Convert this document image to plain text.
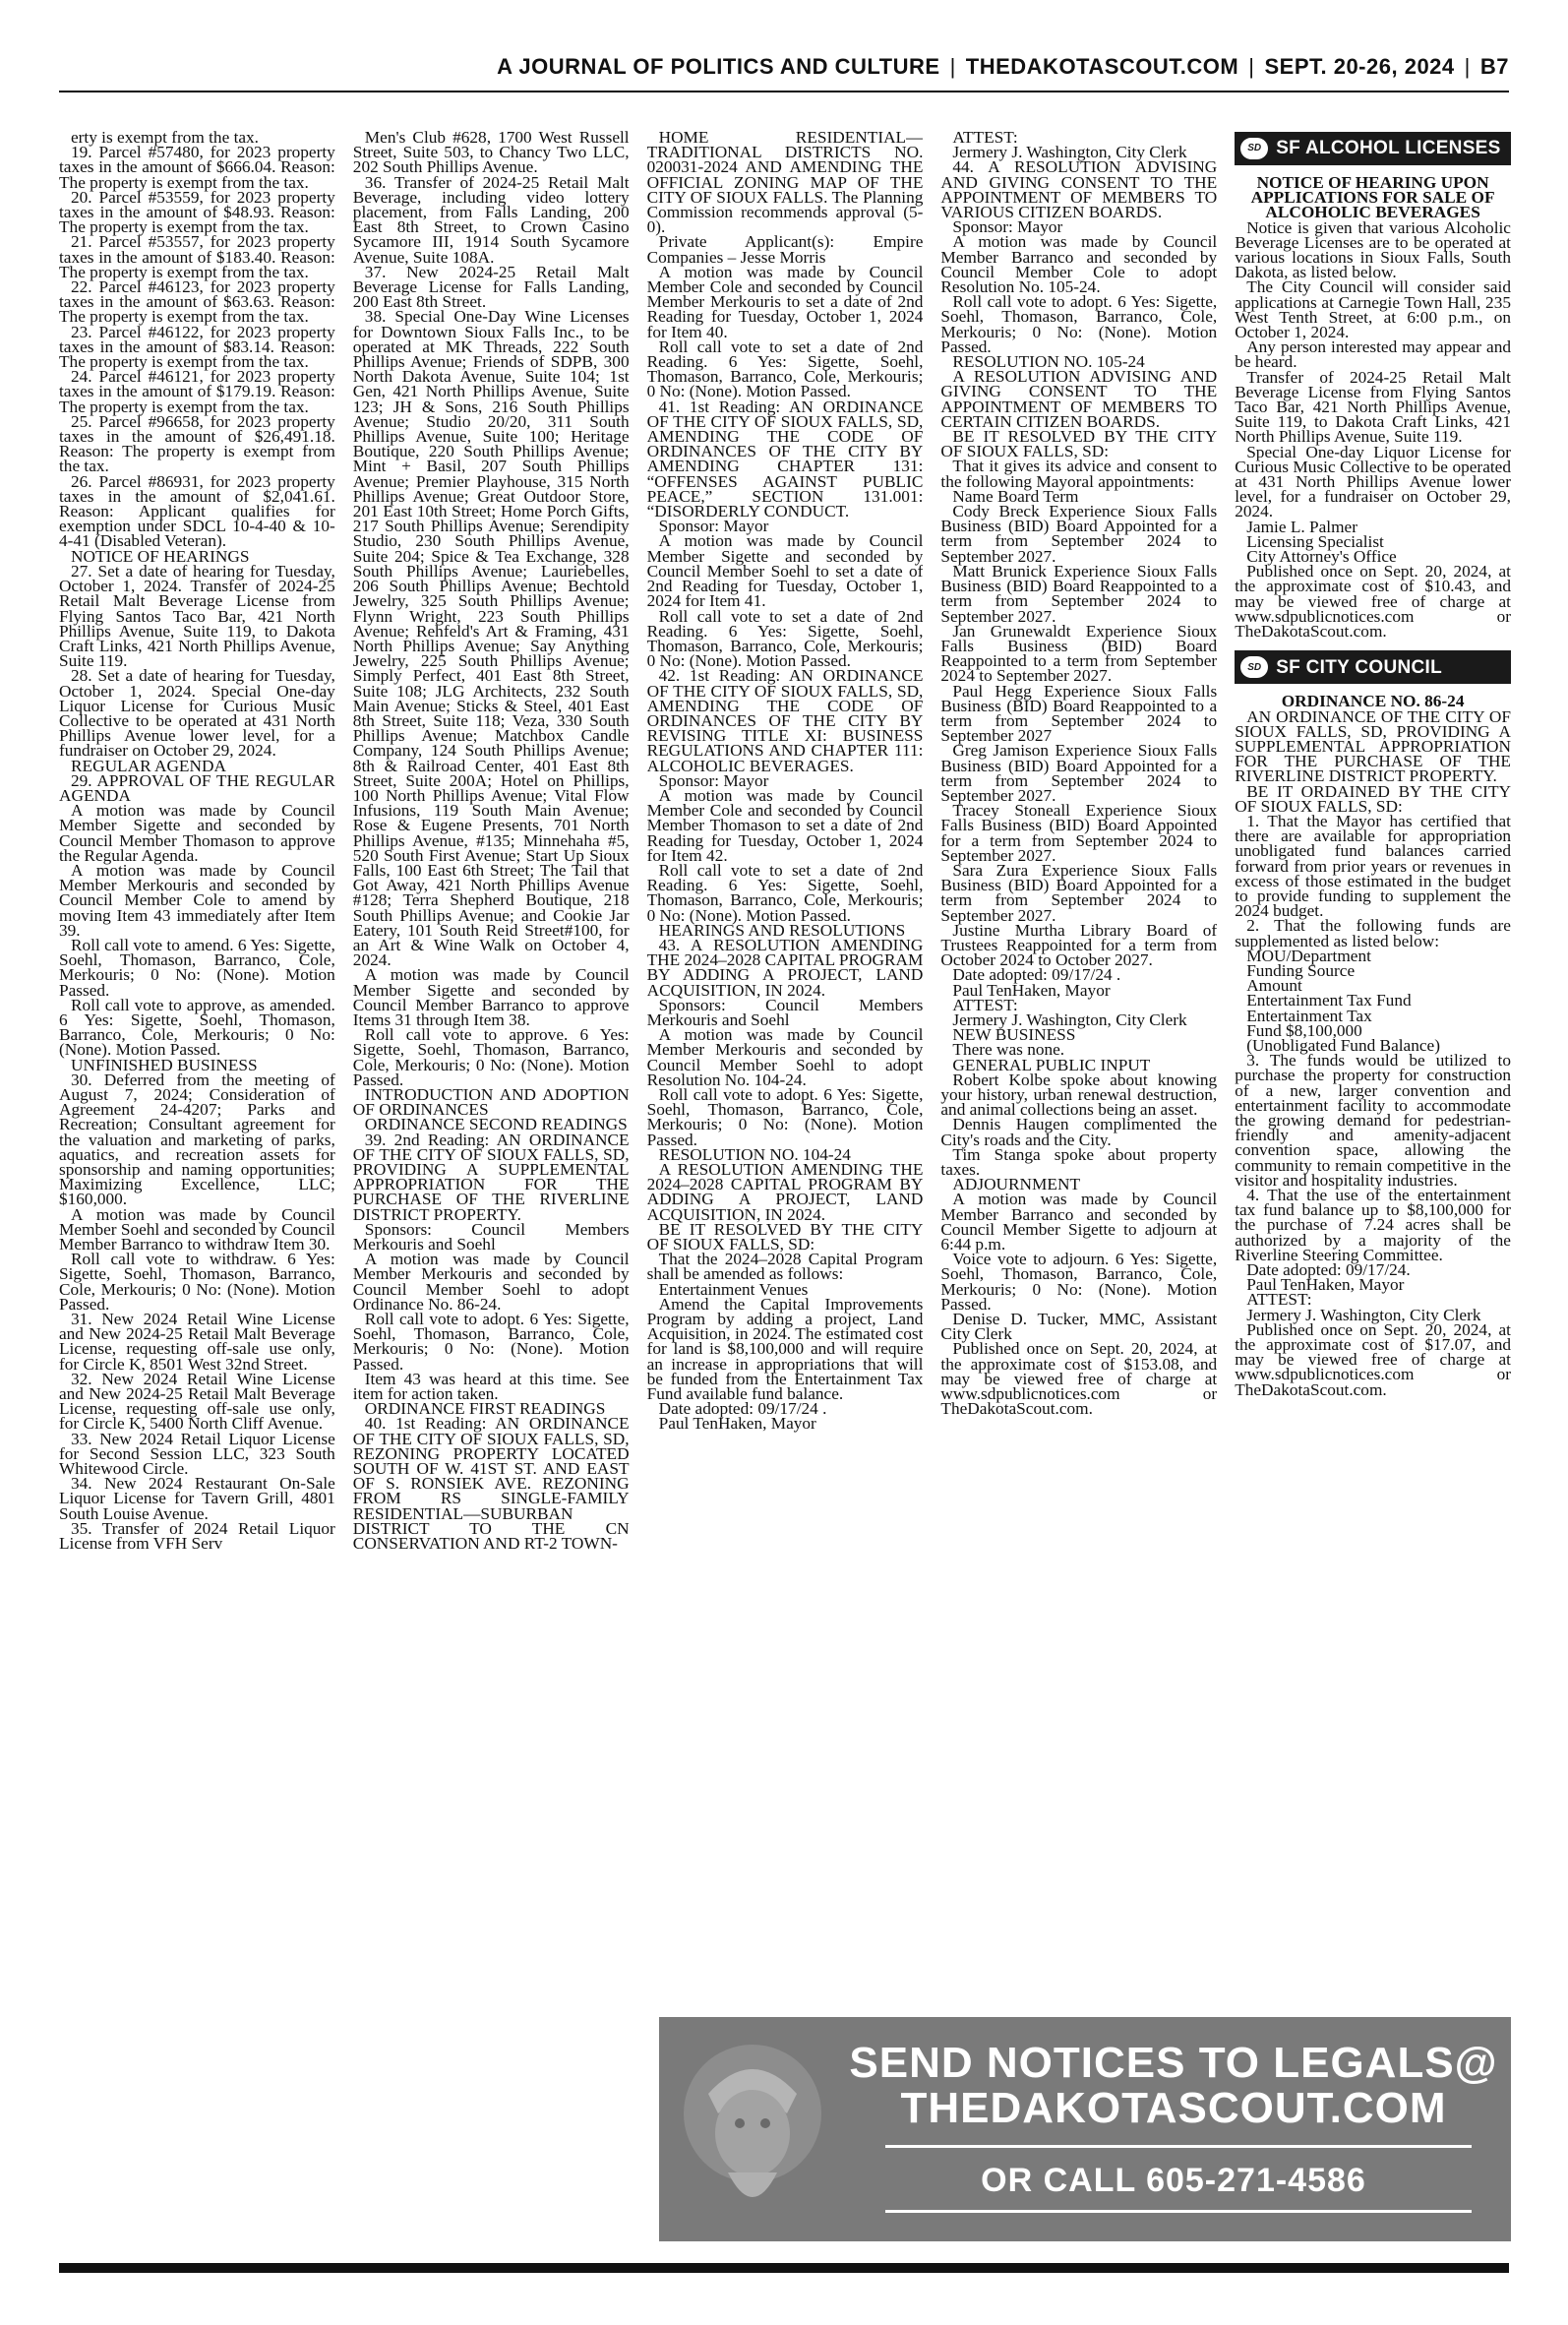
A JOURNAL OF POLITICS AND CULTURE | THEDAKOTASCOUT.COM | SEPT. 20-26, 2024 | B7

erty is exempt from the tax.

19. Parcel #57480, for 2023 property taxes in the amount of $666.04. Reason: The property is exempt from the tax.

20. Parcel #53559, for 2023 property taxes in the amount of $48.93. Reason: The property is exempt from the tax.

21. Parcel #53557, for 2023 property taxes in the amount of $183.40. Reason: The property is exempt from the tax.

22. Parcel #46123, for 2023 property taxes in the amount of $63.63. Reason: The property is exempt from the tax.

23. Parcel #46122, for 2023 property taxes in the amount of $83.14. Reason: The property is exempt from the tax.

24. Parcel #46121, for 2023 property taxes in the amount of $179.19. Reason: The property is exempt from the tax.

25. Parcel #96658, for 2023 property taxes in the amount of $26,491.18. Reason: The property is exempt from the tax.

26. Parcel #86931, for 2023 property taxes in the amount of $2,041.61. Reason: Applicant qualifies for exemption under SDCL 10-4-40 & 10-4-41 (Disabled Veteran).

NOTICE OF HEARINGS

27. Set a date of hearing for Tuesday, October 1, 2024. Transfer of 2024-25 Retail Malt Beverage License from Flying Santos Taco Bar, 421 North Phillips Avenue, Suite 119, to Dakota Craft Links, 421 North Phillips Avenue, Suite 119.

28. Set a date of hearing for Tuesday, October 1, 2024. Special One-day Liquor License for Curious Music Collective to be operated at 431 North Phillips Avenue lower level, for a fundraiser on October 29, 2024.

REGULAR AGENDA

29. APPROVAL OF THE REGULAR AGENDA

A motion was made by Council Member Sigette and seconded by Council Member Thomason to approve the Regular Agenda.

A motion was made by Council Member Merkouris and seconded by Council Member Cole to amend by moving Item 43 immediately after Item 39.

Roll call vote to amend. 6 Yes: Sigette, Soehl, Thomason, Barranco, Cole, Merkouris; 0 No: (None). Motion Passed.

Roll call vote to approve, as amended. 6 Yes: Sigette, Soehl, Thomason, Barranco, Cole, Merkouris; 0 No: (None). Motion Passed.

UNFINISHED BUSINESS

30. Deferred from the meeting of August 7, 2024; Consideration of Agreement 24-4207; Parks and Recreation; Consultant agreement for the valuation and marketing of parks, aquatics, and recreation assets for sponsorship and naming opportunities; Maximizing Excellence, LLC; $160,000.

A motion was made by Council Member Soehl and seconded by Council Member Barranco to withdraw Item 30.

Roll call vote to withdraw. 6 Yes: Sigette, Soehl, Thomason, Barranco, Cole, Merkouris; 0 No: (None). Motion Passed.

31. New 2024 Retail Wine License and New 2024-25 Retail Malt Beverage License, requesting off-sale use only, for Circle K, 8501 West 32nd Street.

32. New 2024 Retail Wine License and New 2024-25 Retail Malt Beverage License, requesting off-sale use only, for Circle K, 5400 North Cliff Avenue.

33. New 2024 Retail Liquor License for Second Session LLC, 323 South Whitewood Circle.

34. New 2024 Restaurant On-Sale Liquor License for Tavern Grill, 4801 South Louise Avenue.

35. Transfer of 2024 Retail Liquor License from VFH Serv

Men's Club #628, 1700 West Russell Street, Suite 503, to Chancy Two LLC, 202 South Phillips Avenue.

36. Transfer of 2024-25 Retail Malt Beverage, including video lottery placement, from Falls Landing, 200 East 8th Street, to Crown Casino Sycamore III, 1914 South Sycamore Avenue, Suite 108A.

37. New 2024-25 Retail Malt Beverage License for Falls Landing, 200 East 8th Street.

38. Special One-Day Wine Licenses for Downtown Sioux Falls Inc., to be operated at MK Threads, 222 South Phillips Avenue; Friends of SDPB, 300 North Dakota Avenue, Suite 104; 1st Gen, 421 North Phillips Avenue, Suite 123; JH & Sons, 216 South Phillips Avenue; Studio 20/20, 311 South Phillips Avenue, Suite 100; Heritage Boutique, 220 South Phillips Avenue; Mint + Basil, 207 South Phillips Avenue; Premier Playhouse, 315 North Phillips Avenue; Great Outdoor Store, 201 East 10th Street; Home Porch Gifts, 217 South Phillips Avenue; Serendipity Studio, 230 South Phillips Avenue, Suite 204; Spice & Tea Exchange, 328 South Phillips Avenue; Lauriebelles, 206 South Phillips Avenue; Bechtold Jewelry, 325 South Phillips Avenue; Flynn Wright, 223 South Phillips Avenue; Rehfeld's Art & Framing, 431 North Phillips Avenue; Say Anything Jewelry, 225 South Phillips Avenue; Simply Perfect, 401 East 8th Street, Suite 108; JLG Architects, 232 South Main Avenue; Sticks & Steel, 401 East 8th Street, Suite 118; Veza, 330 South Phillips Avenue; Matchbox Candle Company, 124 South Phillips Avenue; 8th & Railroad Center, 401 East 8th Street, Suite 200A; Hotel on Phillips, 100 North Phillips Avenue; Vital Flow Infusions, 119 South Main Avenue; Rose & Eugene Presents, 701 North Phillips Avenue, #135; Minnehaha #5, 520 South First Avenue; Start Up Sioux Falls, 100 East 6th Street; The Tail that Got Away, 421 North Phillips Avenue #128; Terra Shepherd Boutique, 218 South Phillips Avenue; and Cookie Jar Eatery, 101 South Reid Street#100, for an Art & Wine Walk on October 4, 2024.

A motion was made by Council Member Sigette and seconded by Council Member Barranco to approve Items 31 through Item 38.

Roll call vote to approve. 6 Yes: Sigette, Soehl, Thomason, Barranco, Cole, Merkouris; 0 No: (None). Motion Passed.

INTRODUCTION AND ADOPTION OF ORDINANCES

ORDINANCE SECOND READINGS

39. 2nd Reading: AN ORDINANCE OF THE CITY OF SIOUX FALLS, SD, PROVIDING A SUPPLEMENTAL APPROPRIATION FOR THE PURCHASE OF THE RIVERLINE DISTRICT PROPERTY.

Sponsors: Council Members Merkouris and Soehl

A motion was made by Council Member Merkouris and seconded by Council Member Soehl to adopt Ordinance No. 86-24.

Roll call vote to adopt. 6 Yes: Sigette, Soehl, Thomason, Barranco, Cole, Merkouris; 0 No: (None). Motion Passed.

Item 43 was heard at this time. See item for action taken.

ORDINANCE FIRST READINGS

40. 1st Reading: AN ORDINANCE OF THE CITY OF SIOUX FALLS, SD, REZONING PROPERTY LOCATED SOUTH OF W. 41ST ST. AND EAST OF S. RONSIEK AVE. REZONING FROM RS SINGLE-FAMILY RESIDENTIAL—SUBURBAN DISTRICT TO THE CN CONSERVATION AND RT-2 TOWN-

HOME RESIDENTIAL—TRADITIONAL DISTRICTS NO. 020031-2024 AND AMENDING THE OFFICIAL ZONING MAP OF THE CITY OF SIOUX FALLS. The Planning Commission recommends approval (5-0).

Private Applicant(s): Empire Companies – Jesse Morris

A motion was made by Council Member Cole and seconded by Council Member Merkouris to set a date of 2nd Reading for Tuesday, October 1, 2024 for Item 40.

Roll call vote to set a date of 2nd Reading. 6 Yes: Sigette, Soehl, Thomason, Barranco, Cole, Merkouris; 0 No: (None). Motion Passed.

41. 1st Reading: AN ORDINANCE OF THE CITY OF SIOUX FALLS, SD, AMENDING THE CODE OF ORDINANCES OF THE CITY BY AMENDING CHAPTER 131: “OFFENSES AGAINST PUBLIC PEACE,” SECTION 131.001: “DISORDERLY CONDUCT.

Sponsor: Mayor

A motion was made by Council Member Sigette and seconded by Council Member Soehl to set a date of 2nd Reading for Tuesday, October 1, 2024 for Item 41.

Roll call vote to set a date of 2nd Reading. 6 Yes: Sigette, Soehl, Thomason, Barranco, Cole, Merkouris; 0 No: (None). Motion Passed.

42. 1st Reading: AN ORDINANCE OF THE CITY OF SIOUX FALLS, SD, AMENDING THE CODE OF ORDINANCES OF THE CITY BY REVISING TITLE XI: BUSINESS REGULATIONS AND CHAPTER 111: ALCOHOLIC BEVERAGES.

Sponsor: Mayor

A motion was made by Council Member Cole and seconded by Council Member Thomason to set a date of 2nd Reading for Tuesday, October 1, 2024 for Item 42.

Roll call vote to set a date of 2nd Reading. 6 Yes: Sigette, Soehl, Thomason, Barranco, Cole, Merkouris; 0 No: (None). Motion Passed.

HEARINGS AND RESOLUTIONS

43. A RESOLUTION AMENDING THE 2024–2028 CAPITAL PROGRAM BY ADDING A PROJECT, LAND ACQUISITION, IN 2024.

Sponsors: Council Members Merkouris and Soehl

A motion was made by Council Member Merkouris and seconded by Council Member Soehl to adopt Resolution No. 104-24.

Roll call vote to adopt. 6 Yes: Sigette, Soehl, Thomason, Barranco, Cole, Merkouris; 0 No: (None). Motion Passed.

RESOLUTION NO. 104-24

A RESOLUTION AMENDING THE 2024–2028 CAPITAL PROGRAM BY ADDING A PROJECT, LAND ACQUISITION, IN 2024.

BE IT RESOLVED BY THE CITY OF SIOUX FALLS, SD:

That the 2024–2028 Capital Program shall be amended as follows:

Entertainment Venues

Amend the Capital Improvements Program by adding a project, Land Acquisition, in 2024. The estimated cost for land is $8,100,000 and will require an increase in appropriations that will be funded from the Entertainment Tax Fund available fund balance.

Date adopted: 09/17/24 .

Paul TenHaken, Mayor

ATTEST:

Jermery J. Washington, City Clerk

44. A RESOLUTION ADVISING AND GIVING CONSENT TO THE APPOINTMENT OF MEMBERS TO VARIOUS CITIZEN BOARDS.

Sponsor: Mayor

A motion was made by Council Member Barranco and seconded by Council Member Cole to adopt Resolution No. 105-24.

Roll call vote to adopt. 6 Yes: Sigette, Soehl, Thomason, Barranco, Cole, Merkouris; 0 No: (None). Motion Passed.

RESOLUTION NO. 105-24

A RESOLUTION ADVISING AND GIVING CONSENT TO THE APPOINTMENT OF MEMBERS TO CERTAIN CITIZEN BOARDS.

BE IT RESOLVED BY THE CITY OF SIOUX FALLS, SD:

That it gives its advice and consent to the following Mayoral appointments:

Name Board Term

Cody Breck Experience Sioux Falls Business (BID) Board Appointed for a term from September 2024 to September 2027.

Matt Brunick Experience Sioux Falls Business (BID) Board Reappointed to a term from September 2024 to September 2027.

Jan Grunewaldt Experience Sioux Falls Business (BID) Board Reappointed to a term from September 2024 to September 2027.

Paul Hegg Experience Sioux Falls Business (BID) Board Reappointed to a term from September 2024 to September 2027

Greg Jamison Experience Sioux Falls Business (BID) Board Appointed for a term from September 2024 to September 2027.

Tracey Stoneall Experience Sioux Falls Business (BID) Board Appointed for a term from September 2024 to September 2027.

Sara Zura Experience Sioux Falls Business (BID) Board Appointed for a term from September 2024 to September 2027.

Justine Murtha Library Board of Trustees Reappointed for a term from October 2024 to October 2027.

Date adopted: 09/17/24 .

Paul TenHaken, Mayor

ATTEST:

Jermery J. Washington, City Clerk

NEW BUSINESS

There was none.

GENERAL PUBLIC INPUT

Robert Kolbe spoke about knowing your history, urban renewal destruction, and animal collections being an asset.

Dennis Haugen complimented the City's roads and the City.

Tim Stanga spoke about property taxes.

ADJOURNMENT

A motion was made by Council Member Barranco and seconded by Council Member Sigette to adjourn at 6:44 p.m.

Voice vote to adjourn. 6 Yes: Sigette, Soehl, Thomason, Barranco, Cole, Merkouris; 0 No: (None). Motion Passed.

Denise D. Tucker, MMC, Assistant City Clerk

Published once on Sept. 20, 2024, at the approximate cost of $153.08, and may be viewed free of charge at www.sdpublicnotices.com or TheDakotaScout.com.

SD SF ALCOHOL LICENSES

NOTICE OF HEARING UPON APPLICATIONS FOR SALE OF ALCOHOLIC BEVERAGES

Notice is given that various Alcoholic Beverage Licenses are to be operated at various locations in Sioux Falls, South Dakota, as listed below.

The City Council will consider said applications at Carnegie Town Hall, 235 West Tenth Street, at 6:00 p.m., on October 1, 2024.

Any person interested may appear and be heard.

Transfer of 2024-25 Retail Malt Beverage License from Flying Santos Taco Bar, 421 North Phillips Avenue, Suite 119, to Dakota Craft Links, 421 North Phillips Avenue, Suite 119.

Special One-day Liquor License for Curious Music Collective to be operated at 431 North Phillips Avenue lower level, for a fundraiser on October 29, 2024.

Jamie L. Palmer

Licensing Specialist

City Attorney's Office

Published once on Sept. 20, 2024, at the approximate cost of $10.43, and may be viewed free of charge at www.sdpublicnotices.com or TheDakotaScout.com.

SD SF CITY COUNCIL

ORDINANCE NO. 86-24

AN ORDINANCE OF THE CITY OF SIOUX FALLS, SD, PROVIDING A SUPPLEMENTAL APPROPRIATION FOR THE PURCHASE OF THE RIVERLINE DISTRICT PROPERTY.

BE IT ORDAINED BY THE CITY OF SIOUX FALLS, SD:

1. That the Mayor has certified that there are available for appropriation unobligated fund balances carried forward from prior years or revenues in excess of those estimated in the budget to provide funding to supplement the 2024 budget.

2. That the following funds are supplemented as listed below:

MOU/Department

Funding Source

Amount

Entertainment Tax Fund

Entertainment Tax

Fund $8,100,000

(Unobligated Fund Balance)

3. The funds would be utilized to purchase the property for construction of a new, larger convention and entertainment facility to accommodate the growing demand for pedestrian-friendly and amenity-adjacent convention space, allowing the community to remain competitive in the visitor and hospitality industries.

4. That the use of the entertainment tax fund balance up to $8,100,000 for the purchase of 7.24 acres shall be authorized by a majority of the Riverline Steering Committee.

Date adopted: 09/17/24.

Paul TenHaken, Mayor

ATTEST:

Jermery J. Washington, City Clerk

Published once on Sept. 20, 2024, at the approximate cost of $17.07, and may be viewed free of charge at www.sdpublicnotices.com or TheDakotaScout.com.

SEND NOTICES TO LEGALS@
THEDAKOTASCOUT.COM
OR CALL 605-271-4586
